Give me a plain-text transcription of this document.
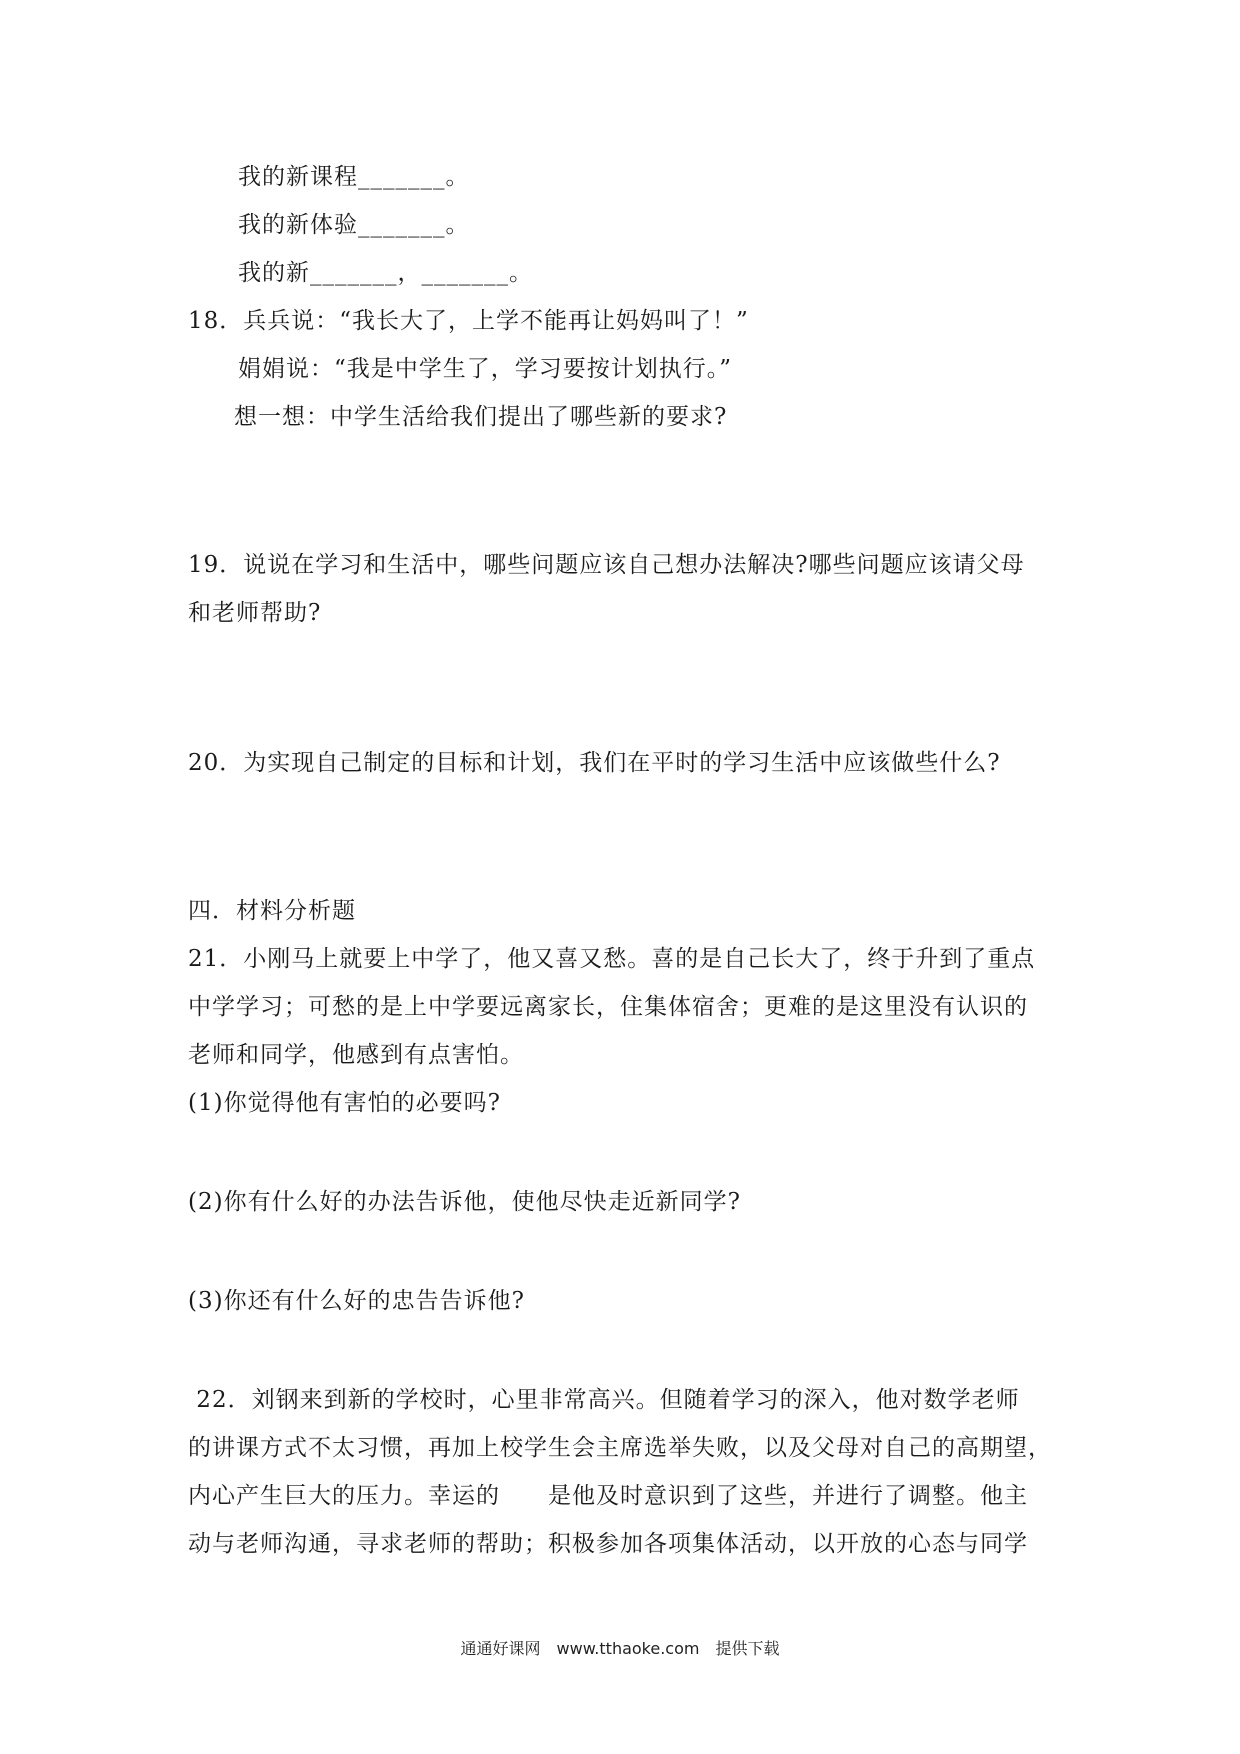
我的新课程_______。
我的新体验_______。
我的新_______，_______。
18．兵兵说：“我长大了，上学不能再让妈妈叫了！”
娟娟说：“我是中学生了，学习要按计划执行。”
想一想：中学生活给我们提出了哪些新的要求?
19．说说在学习和生活中，哪些问题应该自己想办法解决?哪些问题应该请父母
和老师帮助?
20．为实现自己制定的目标和计划，我们在平时的学习生活中应该做些什么?
四．材料分析题
21．小刚马上就要上中学了，他又喜又愁。喜的是自己长大了，终于升到了重点
中学学习；可愁的是上中学要远离家长，住集体宿舍；更难的是这里没有认识的
老师和同学，他感到有点害怕。
(1)你觉得他有害怕的必要吗?
(2)你有什么好的办法告诉他，使他尽快走近新同学?
(3)你还有什么好的忠告告诉他?
22．刘钢来到新的学校时，心里非常高兴。但随着学习的深入，他对数学老师
的讲课方式不太习惯，再加上校学生会主席选举失败，以及父母对自己的高期望，
内心产生巨大的压力。幸运的　　是他及时意识到了这些，并进行了调整。他主
动与老师沟通，寻求老师的帮助；积极参加各项集体活动，以开放的心态与同学
通通好课网　www.tthaoke.com　提供下载
